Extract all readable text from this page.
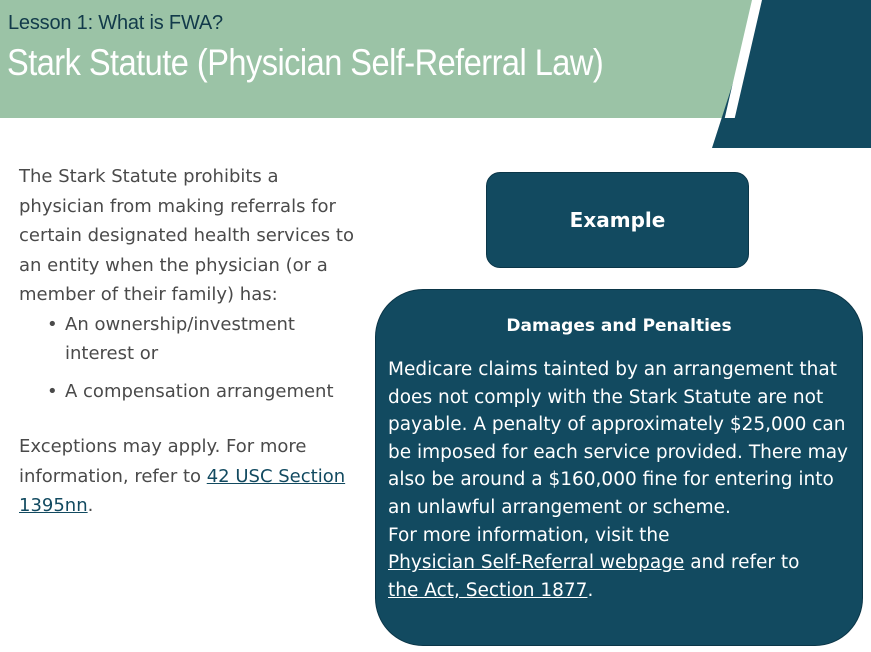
Lesson 1: What is FWA?
Stark Statute (Physician Self-Referral Law)

The Stark Statute prohibits a physician from making referrals for certain designated health services to an entity when the physician (or a member of their family) has:

• An ownership/investment interest or
• A compensation arrangement

Exceptions may apply. For more information, refer to 42 USC Section 1395nn.

Example
Damages and Penalties

Medicare claims tainted by an arrangement that does not comply with the Stark Statute are not payable. A penalty of approximately $25,000 can be imposed for each service provided. There may also be around a $160,000 fine for entering into an unlawful arrangement or scheme.

For more information, visit the
Physician Self-Referral webpage and refer to
the Act, Section 1877.
